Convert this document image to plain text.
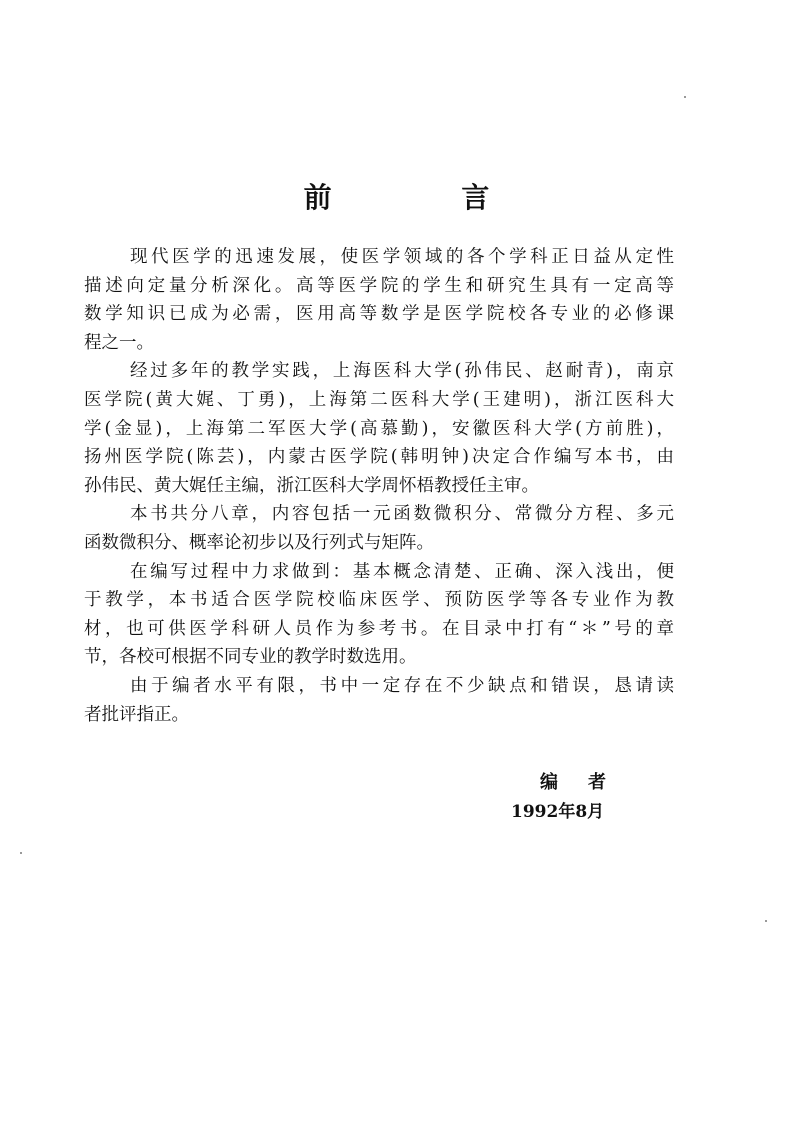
前 言

现代医学的迅速发展，使医学领域的各个学科正日益从定性
描述向定量分析深化。高等医学院的学生和研究生具有一定高等
数学知识已成为必需，医用高等数学是医学院校各专业的必修课
程之一。

经过多年的教学实践，上海医科大学(孙伟民、赵耐青)，南京
医学院(黄大娓、丁勇)，上海第二医科大学(王建明)，浙江医科大
学(金显)，上海第二军医大学(高慕勤)，安徽医科大学(方前胜)，
扬州医学院(陈芸)，内蒙古医学院(韩明钟)决定合作编写本书，由
孙伟民、黄大娓任主编，浙江医科大学周怀梧教授任主审。

本书共分八章，内容包括一元函数微积分、常微分方程、多元
函数微积分、概率论初步以及行列式与矩阵。

在编写过程中力求做到：基本概念清楚、正确、深入浅出，便
于教学，本书适合医学院校临床医学、预防医学等各专业作为教
材，也可供医学科研人员作为参考书。在目录中打有“＊”号的章
节，各校可根据不同专业的教学时数选用。

由于编者水平有限，书中一定存在不少缺点和错误，恳请读
者批评指正。

编者
1992年8月
